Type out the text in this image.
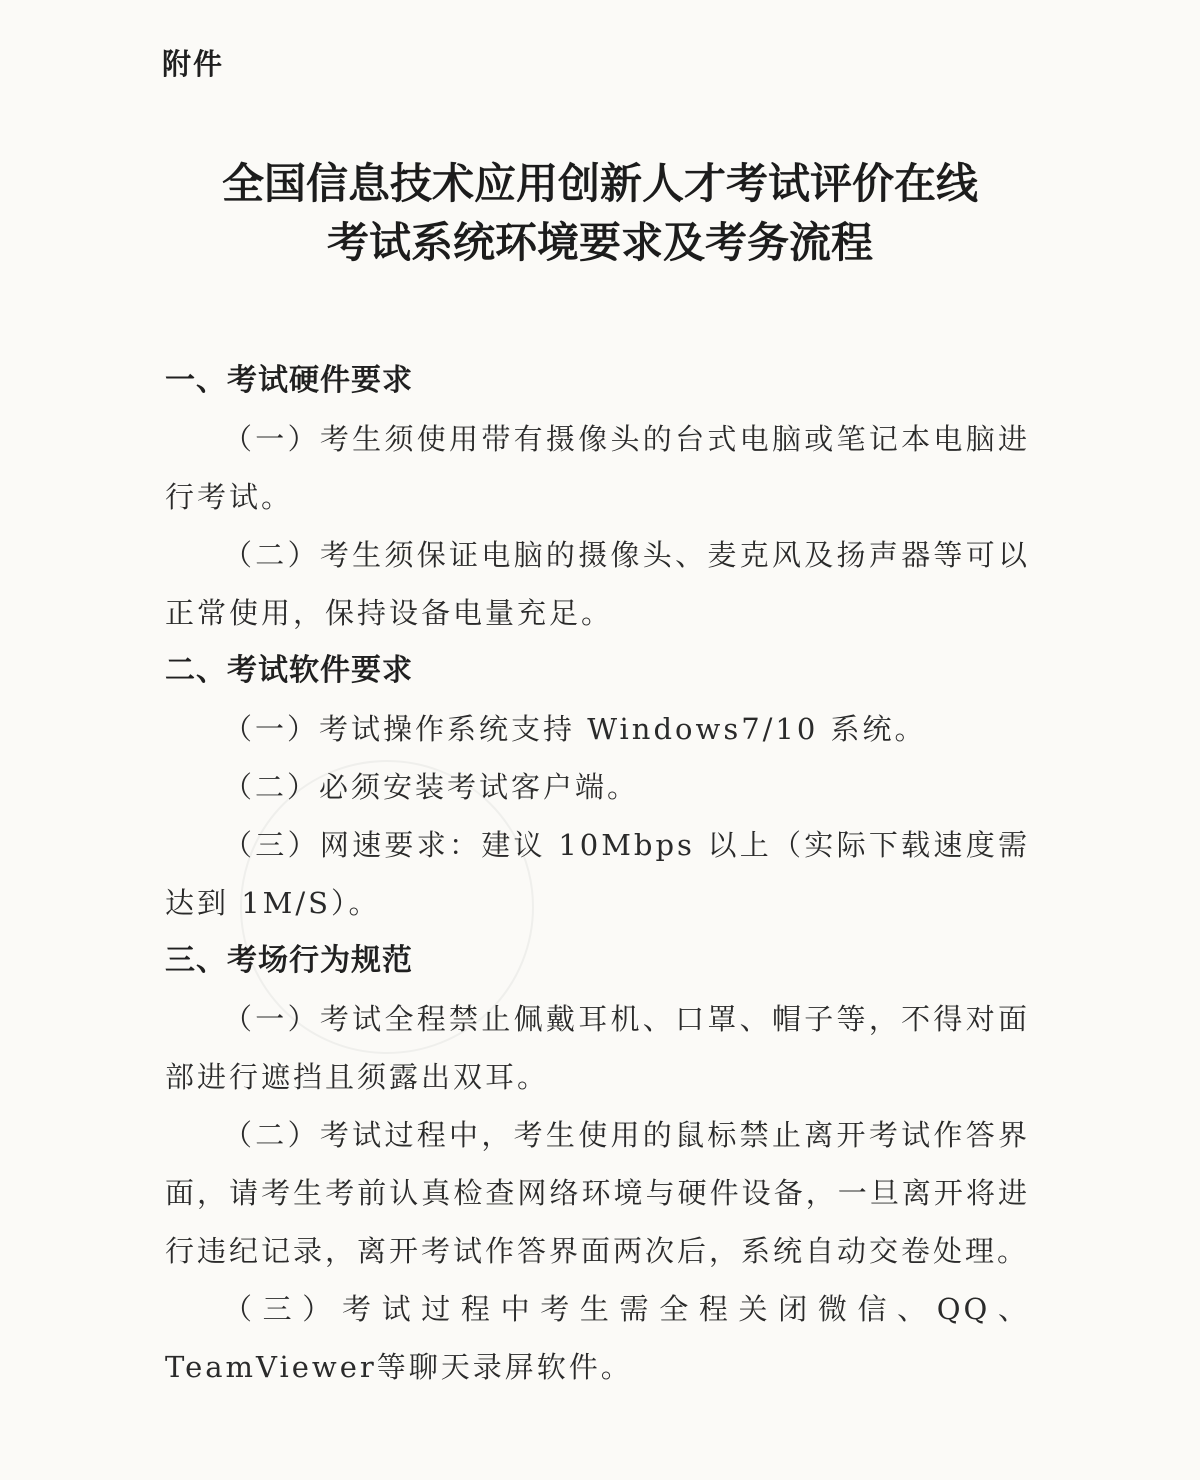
附件

全国信息技术应用创新人才考试评价在线
考试系统环境要求及考务流程
一、考试硬件要求

（一）考生须使用带有摄像头的台式电脑或笔记本电脑进行考试。

（二）考生须保证电脑的摄像头、麦克风及扬声器等可以正常使用，保持设备电量充足。

二、考试软件要求

（一）考试操作系统支持 Windows7/10 系统。

（二）必须安装考试客户端。

（三）网速要求：建议 10Mbps 以上（实际下载速度需达到 1M/S）。

三、考场行为规范

（一）考试全程禁止佩戴耳机、口罩、帽子等，不得对面部进行遮挡且须露出双耳。

（二）考试过程中，考生使用的鼠标禁止离开考试作答界面，请考生考前认真检查网络环境与硬件设备，一旦离开将进行违纪记录，离开考试作答界面两次后，系统自动交卷处理。

（三）考试过程中考生需全程关闭微信、QQ、TeamViewer等聊天录屏软件。
